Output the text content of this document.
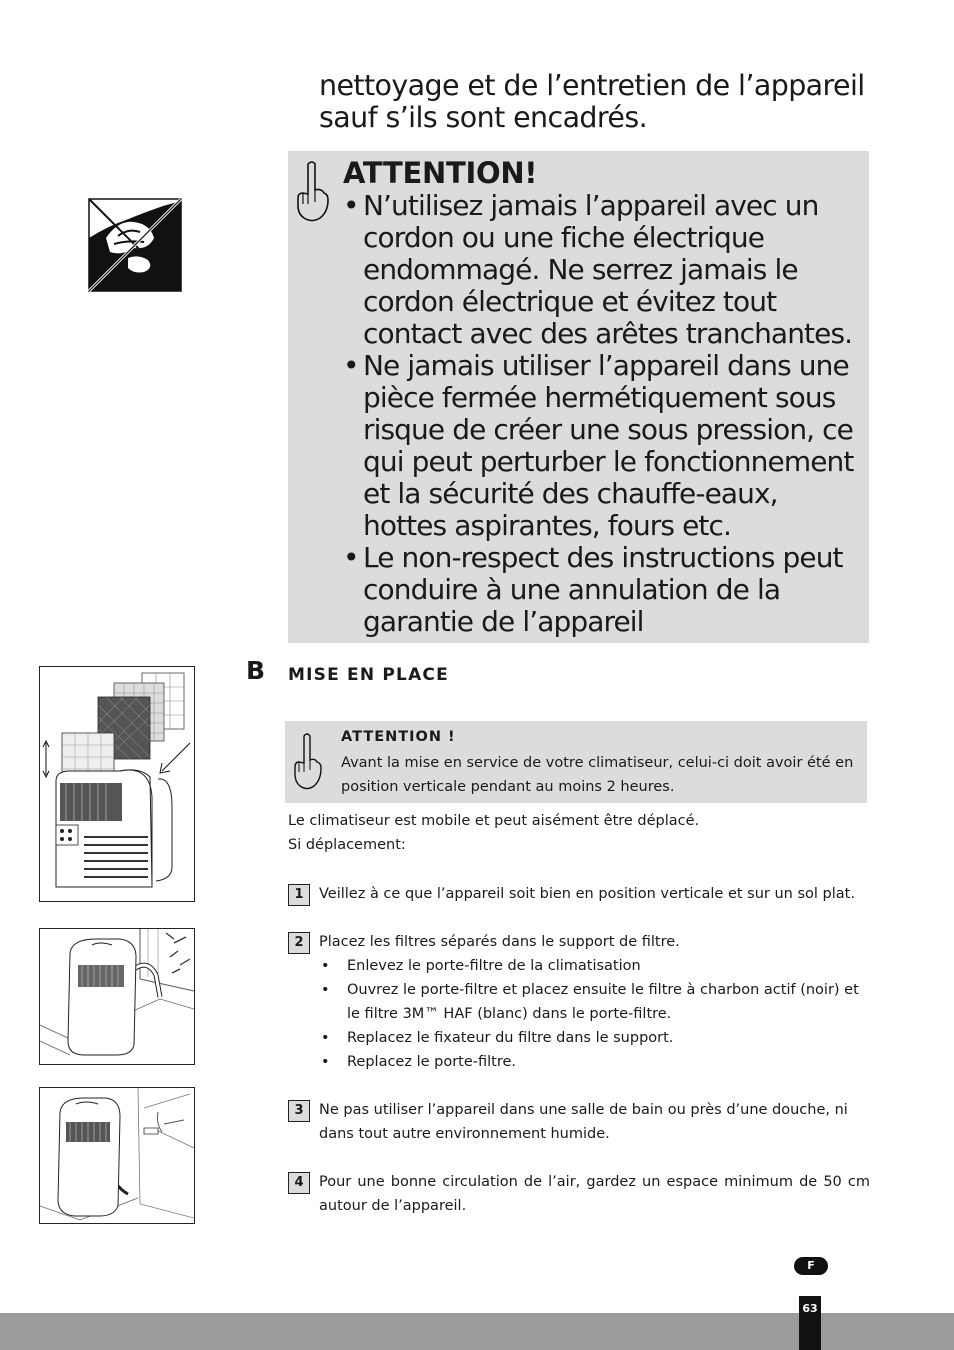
nettoyage et de l’entretien de l’appareil sauf s’ils sont encadrés.
ATTENTION!
• N’utilisez jamais l’appareil avec un cordon ou une fiche électrique endommagé. Ne serrez jamais le cordon électrique et évitez tout contact avec des arêtes tranchantes.
• Ne jamais utiliser l’appareil dans une pièce fermée hermétiquement sous risque de créer une sous pression, ce qui peut perturber le fonctionnement et la sécurité des chauffe-eaux, hottes aspirantes, fours etc.
• Le non-respect des instructions peut conduire à une annulation de la garantie de l’appareil
B MISE EN PLACE
ATTENTION !
Avant la mise en service de votre climatiseur, celui-ci doit avoir été en position verticale pendant au moins 2 heures.
Le climatiseur est mobile et peut aisément être déplacé.
Si déplacement:
1	Veillez à ce que l’appareil soit bien en position verticale et sur un sol plat.
2	Placez les filtres séparés dans le support de filtre.
• Enlevez le porte-filtre de la climatisation
• Ouvrez le porte-filtre et placez ensuite le filtre à charbon actif (noir) et le filtre 3M™ HAF (blanc) dans le porte-filtre.
• Replacez le fixateur du filtre dans le support.
• Replacez le porte-filtre.
3	Ne pas utiliser l’appareil dans une salle de bain ou près d’une douche, ni dans tout autre environnement humide.
4	Pour une bonne circulation de l’air, gardez un espace minimum de 50 cm autour de l’appareil.
F
63
